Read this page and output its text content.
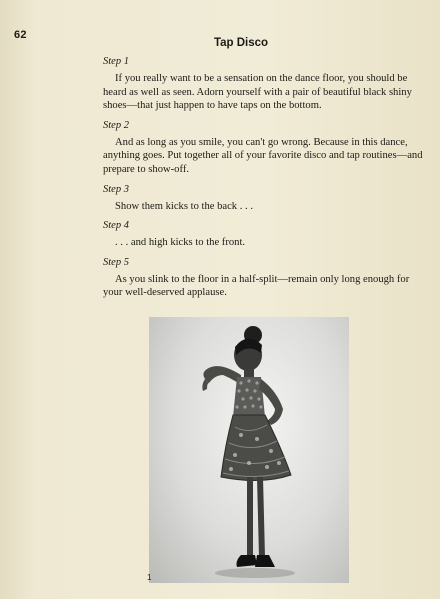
62
Tap Disco

Step 1

If you really want to be a sensation on the dance floor, you should be heard as well as seen. Adorn yourself with a pair of beautiful black shiny shoes—that just happen to have taps on the bottom.

Step 2

And as long as you smile, you can't go wrong. Because in this dance, anything goes. Put together all of your favorite disco and tap routines—and prepare to show-off.

Step 3

Show them kicks to the back . . .

Step 4

. . . and high kicks to the front.

Step 5

As you slink to the floor in a half-split—remain only long enough for your well-deserved applause.

1
